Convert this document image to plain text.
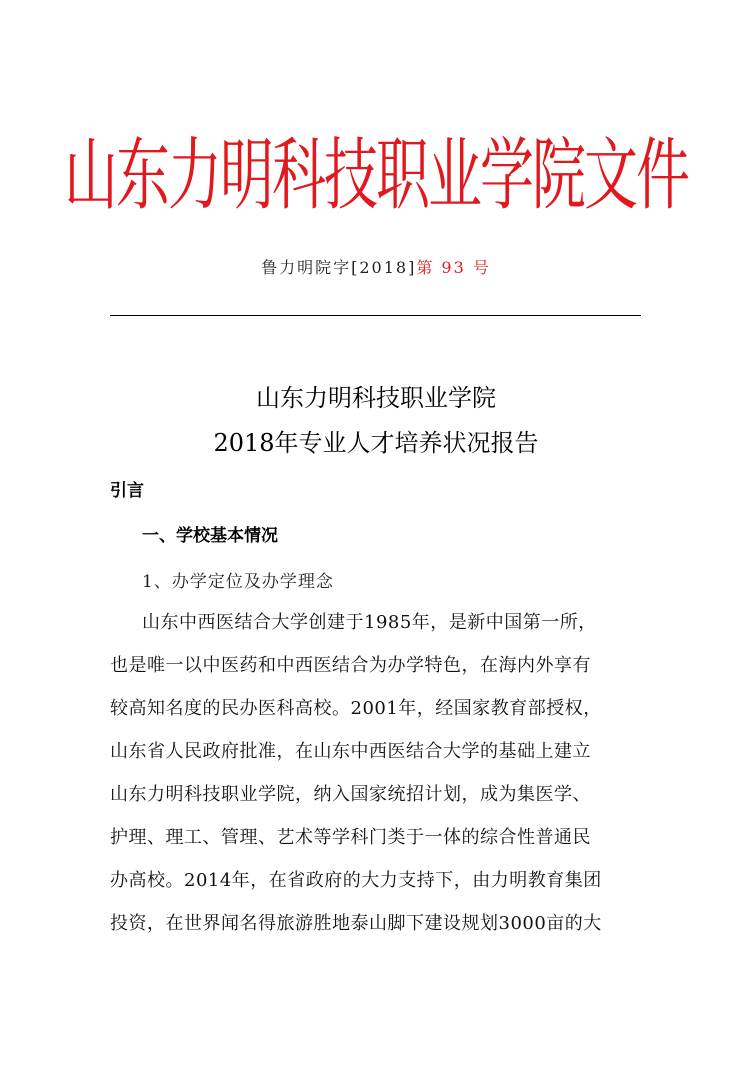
山东力明科技职业学院文件
鲁力明院字[2018]第 93 号
山东力明科技职业学院
2018年专业人才培养状况报告
引言
一、学校基本情况
1、办学定位及办学理念
山东中西医结合大学创建于1985年，是新中国第一所，
也是唯一以中医药和中西医结合为办学特色，在海内外享有
较高知名度的民办医科高校。2001年，经国家教育部授权，
山东省人民政府批准，在山东中西医结合大学的基础上建立
山东力明科技职业学院，纳入国家统招计划，成为集医学、
护理、理工、管理、艺术等学科门类于一体的综合性普通民
办高校。2014年，在省政府的大力支持下，由力明教育集团
投资，在世界闻名得旅游胜地泰山脚下建设规划3000亩的大
